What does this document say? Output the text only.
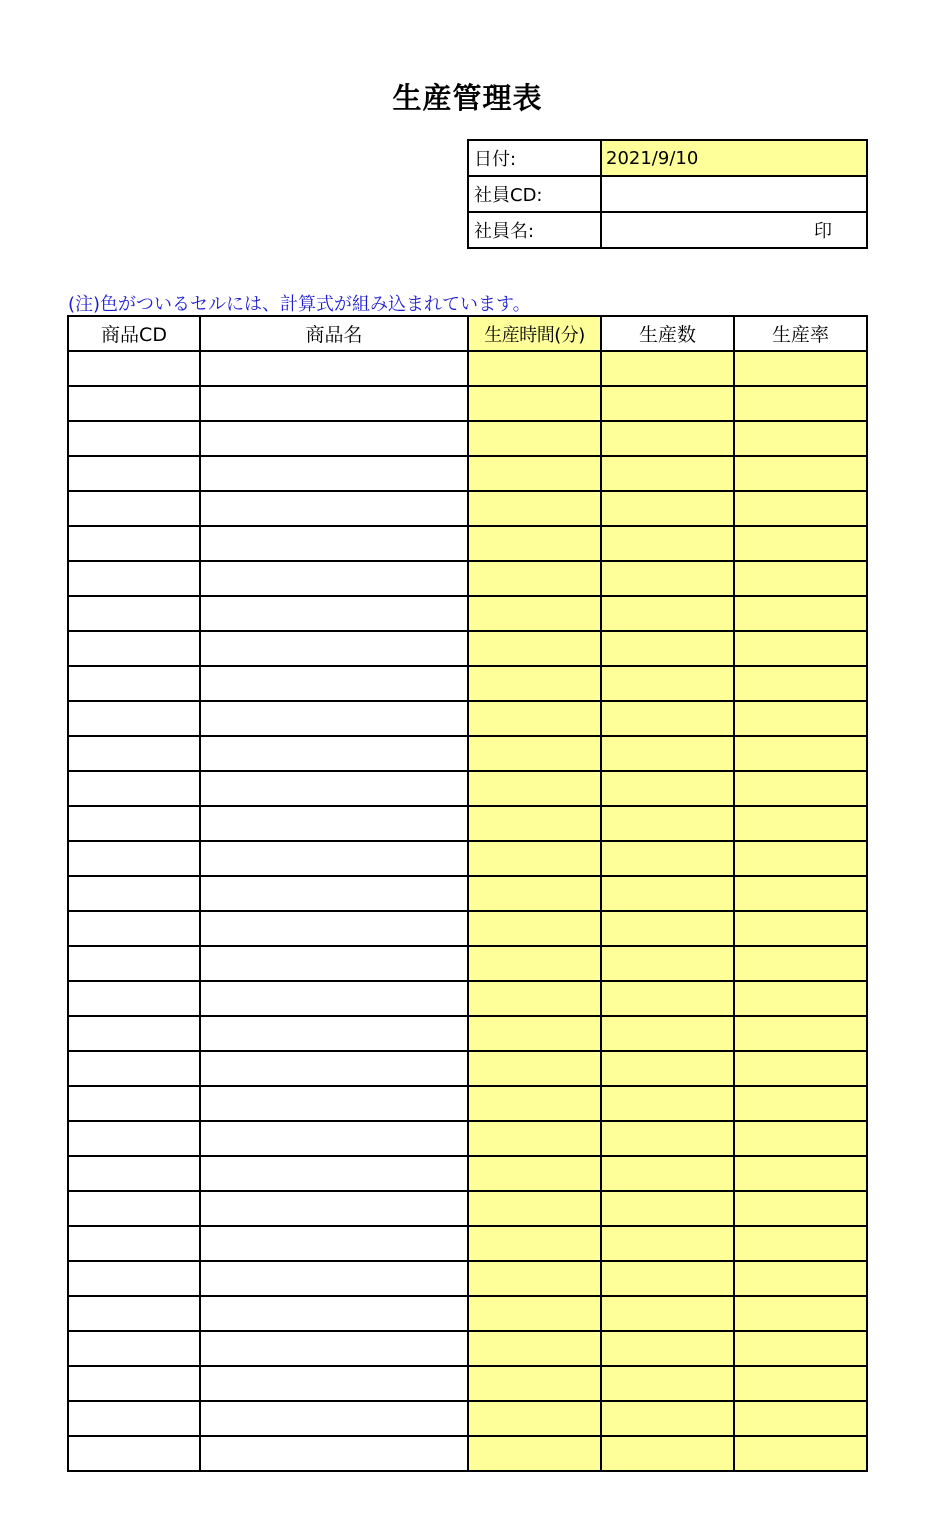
生産管理表
日付:	2021/9/10
社員CD:	
社員名:	印
(注)色がついるセルには、計算式が組み込まれています。
商品CD	商品名	生産時間(分)	生産数	生産率
